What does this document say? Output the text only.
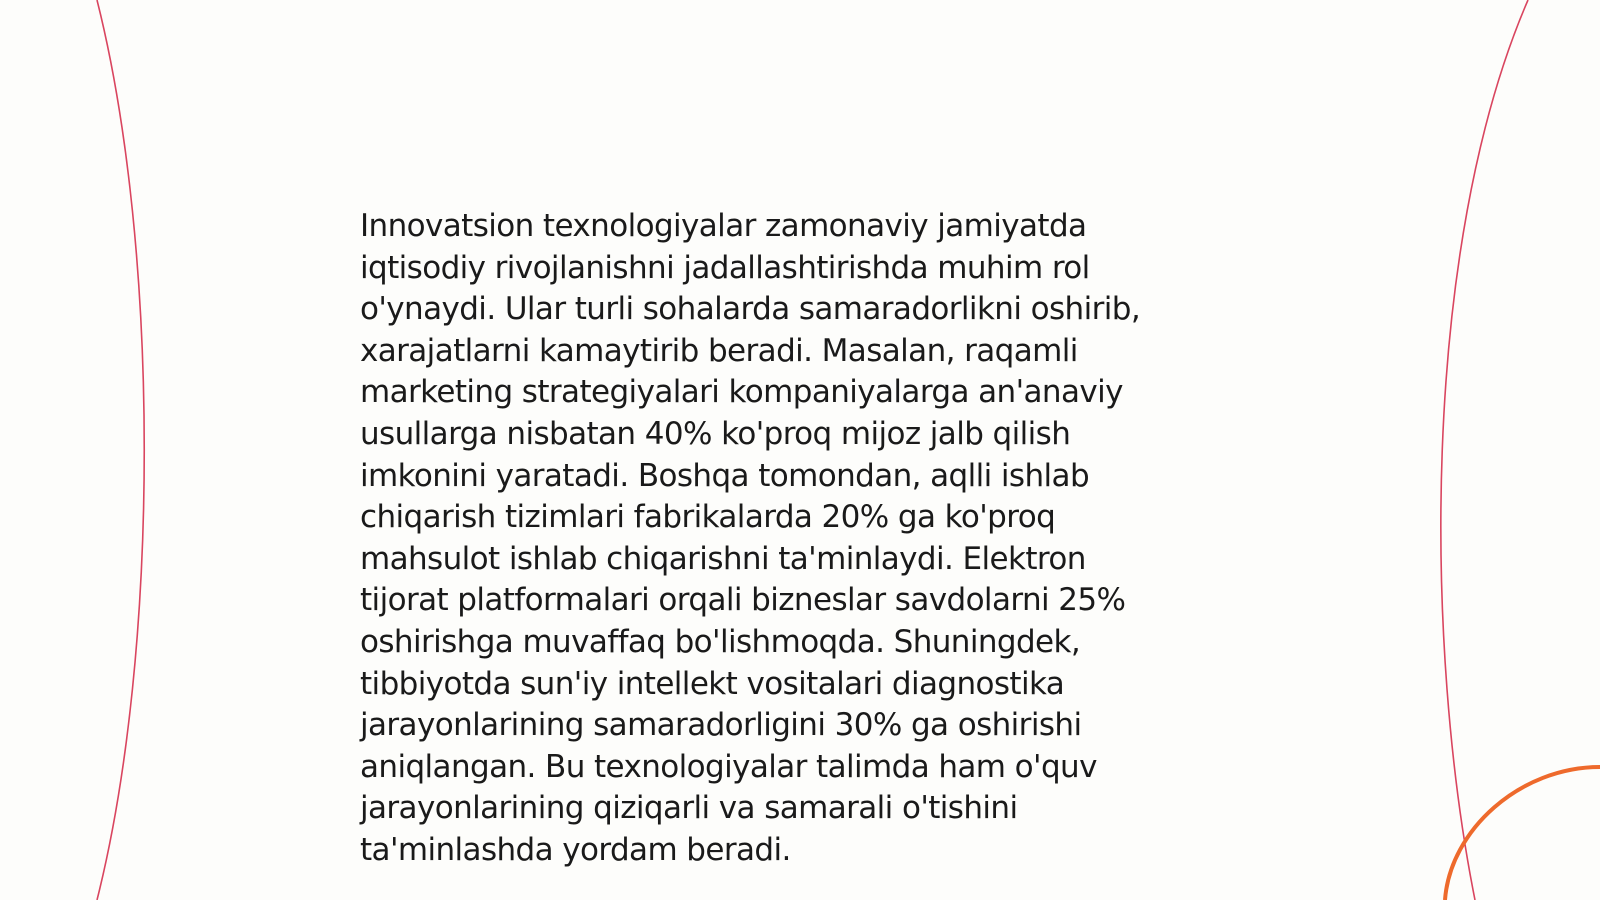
Innovatsion texnologiyalar zamonaviy jamiyatda
iqtisodiy rivojlanishni jadallashtirishda muhim rol
o'ynaydi. Ular turli sohalarda samaradorlikni oshirib,
xarajatlarni kamaytirib beradi. Masalan, raqamli
marketing strategiyalari kompaniyalarga an'anaviy
usullarga nisbatan 40% ko'proq mijoz jalb qilish
imkonini yaratadi. Boshqa tomondan, aqlli ishlab
chiqarish tizimlari fabrikalarda 20% ga ko'proq
mahsulot ishlab chiqarishni ta'minlaydi. Elektron
tijorat platformalari orqali bizneslar savdolarni 25%
oshirishga muvaffaq bo'lishmoqda. Shuningdek,
tibbiyotda sun'iy intellekt vositalari diagnostika
jarayonlarining samaradorligini 30% ga oshirishi
aniqlangan. Bu texnologiyalar talimda ham o'quv
jarayonlarining qiziqarli va samarali o'tishini
ta'minlashda yordam beradi.
